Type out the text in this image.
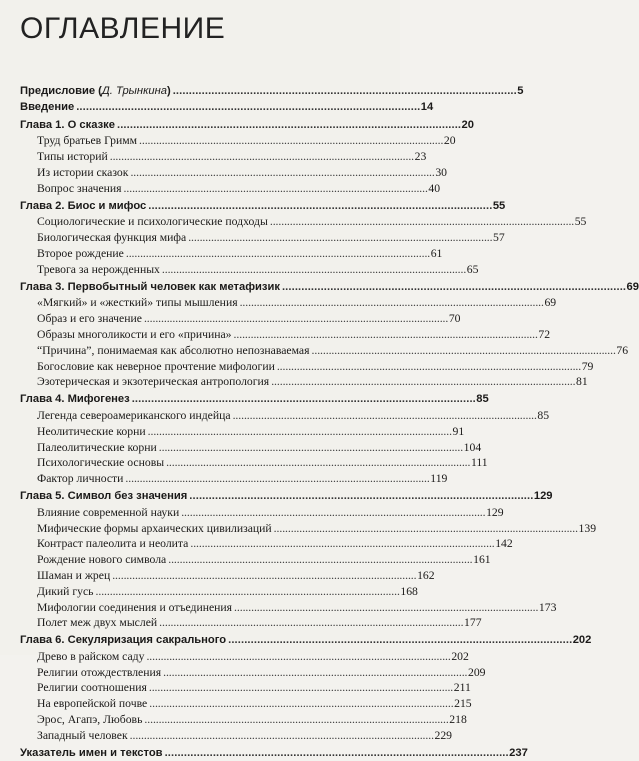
ОГЛАВЛЕНИЕ
Предисловие (Д. Трынкина) . . .	5
Введение . . .	14
Глава 1. О сказке . . .	20
Труд братьев Гримм . . .	20
Типы историй . . .	23
Из истории сказок . . .	30
Вопрос значения . . .	40
Глава 2. Биос и мифос . . .	55
Социологические и психологические подходы . . .	55
Биологическая функция мифа . . .	57
Второе рождение . . .	61
Тревога за нерожденных . . .	65
Глава 3. Первобытный человек как метафизик . . .	69
«Мягкий» и «жесткий» типы мышления . . .	69
Образ и его значение . . .	70
Образы многоликости и его «причина» . . .	72
“Причина”, понимаемая как абсолютно непознаваемая . . .	76
Богословие как неверное прочтение мифологии . . .	79
Эзотерическая и экзотерическая антропология . . .	81
Глава 4. Мифогенез . . .	85
Легенда североамериканского индейца . . .	85
Неолитические корни . . .	91
Палеолитические корни . . .	104
Психологические основы . . .	111
Фактор личности . . .	119
Глава 5. Символ без значения . . .	129
Влияние современной науки . . .	129
Мифические формы архаических цивилизаций . . .	139
Контраст палеолита и неолита . . .	142
Рождение нового символа . . .	161
Шаман и жрец . . .	162
Дикий гусь . . .	168
Мифологии соединения и отъединения . . .	173
Полет меж двух мыслей . . .	177
Глава 6. Секуляризация сакрального . . .	202
Древо в райском саду . . .	202
Религии отождествления . . .	209
Религии соотношения . . .	211
На европейской почве . . .	215
Эрос, Агапэ, Любовь . . .	218
Западный человек . . .	229
Указатель имен и текстов . . .	237
